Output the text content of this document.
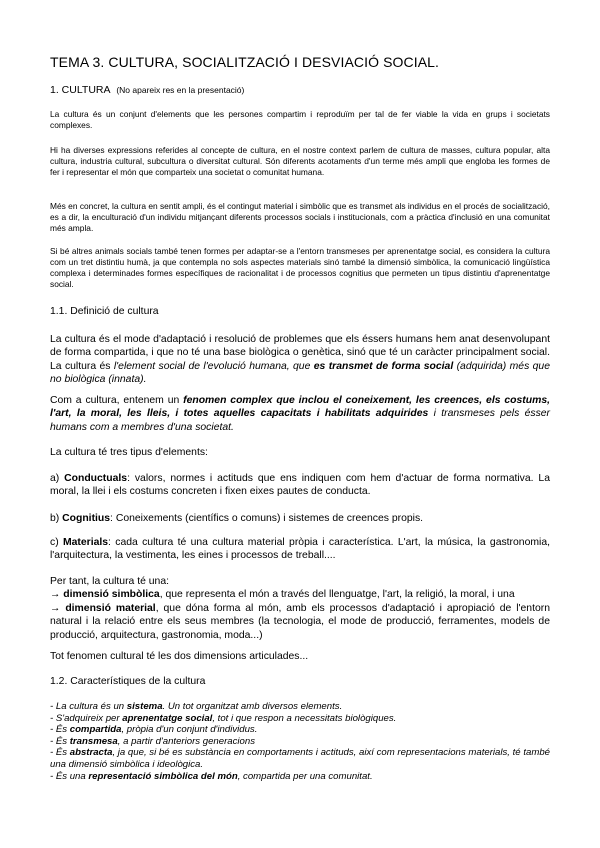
TEMA 3. CULTURA, SOCIALITZACIÓ I DESVIACIÓ SOCIAL.
1. CULTURA (No apareix res en la presentació)

La cultura és un conjunt d'elements que les persones compartim i reproduïm per tal de fer viable la vida en grups i societats complexes.

Hi ha diverses expressions referides al concepte de cultura, en el nostre context parlem de cultura de masses, cultura popular, alta cultura, industria cultural, subcultura o diversitat cultural. Són diferents acotaments d'un terme més ampli que engloba les formes de fer i representar el món que comparteix una societat o comunitat humana.

Més en concret, la cultura en sentit ampli, és el contingut material i simbòlic que es transmet als individus en el procés de socialització, es a dir, la enculturació d'un individu mitjançant diferents processos socials i institucionals, com a pràctica d'inclusió en una comunitat més ampla.

Si bé altres animals socials també tenen formes per adaptar-se a l'entorn transmeses per aprenentatge social, es considera la cultura com un tret distintiu humà, ja que contempla no sols aspectes materials sinó també la dimensió simbòlica, la comunicació lingüística complexa i determinades formes específiques de racionalitat i de processos cognitius que permeten un tipus distintiu d'aprenentatge social.

1.1. Definició de cultura

La cultura és el mode d'adaptació i resolució de problemes que els éssers humans hem anat desenvolupant de forma compartida, i que no té una base biològica o genètica, sinó que té un caràcter principalment social. La cultura és l'element social de l'evolució humana, que es transmet de forma social (adquirida) més que no biològica (innata).

Com a cultura, entenem un fenomen complex que inclou el coneixement, les creences, els costums, l'art, la moral, les lleis, i totes aquelles capacitats i habilitats adquirides i transmeses pels ésser humans com a membres d'una societat.

La cultura té tres tipus d'elements:

a) Conductuals: valors, normes i actituds que ens indiquen com hem d'actuar de forma normativa. La moral, la llei i els costums concreten i fixen eixes pautes de conducta.

b) Cognitius: Coneixements (científics o comuns) i sistemes de creences propis.

c) Materials: cada cultura té una cultura material pròpia i característica. L'art, la música, la gastronomia, l'arquitectura, la vestimenta, les eines i processos de treball....

Per tant, la cultura té una:
→ dimensió simbòlica, que representa el món a través del llenguatge, l'art, la religió, la moral, i una
→ dimensió material, que dóna forma al món, amb els processos d'adaptació i apropiació de l'entorn natural i la relació entre els seus membres (la tecnologia, el mode de producció, ferramentes, models de producció, arquitectura, gastronomia, moda...)

Tot fenomen cultural té les dos dimensions articulades...

1.2. Característiques de la cultura
- La cultura és un sistema. Un tot organitzat amb diversos elements.
- S'adquireix per aprenentatge social, tot i que respon a necessitats biològiques.
- És compartida, pròpia d'un conjunt d'individus.
- És transmesa, a partir d'anteriors generacions
- És abstracta, ja que, si bé es substància en comportaments i actituds, així com representacions materials, té també una dimensió simbòlica i ideològica.
- És una representació simbòlica del món, compartida per una comunitat.
